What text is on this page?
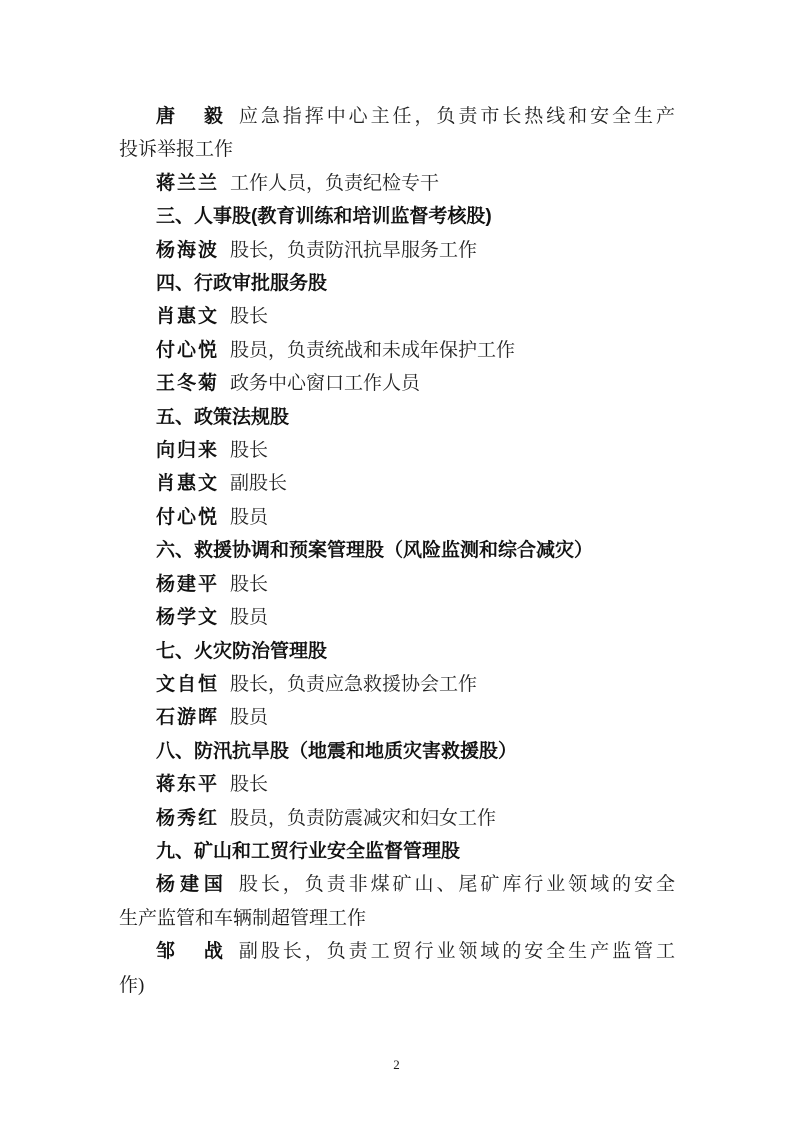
唐　毅 应急指挥中心主任，负责市长热线和安全生产
投诉举报工作
蒋兰兰 工作人员，负责纪检专干
三、人事股(教育训练和培训监督考核股)
杨海波 股长，负责防汛抗旱服务工作
四、行政审批服务股
肖惠文 股长
付心悦 股员，负责统战和未成年保护工作
王冬菊 政务中心窗口工作人员
五、政策法规股
向归来 股长
肖惠文 副股长
付心悦 股员
六、救援协调和预案管理股（风险监测和综合减灾）
杨建平 股长
杨学文 股员
七、火灾防治管理股
文自恒 股长，负责应急救援协会工作
石游晖 股员
八、防汛抗旱股（地震和地质灾害救援股）
蒋东平 股长
杨秀红 股员，负责防震减灾和妇女工作
九、矿山和工贸行业安全监督管理股
杨建国 股长，负责非煤矿山、尾矿库行业领域的安全
生产监管和车辆制超管理工作
邹　战 副股长，负责工贸行业领域的安全生产监管工
作)
2
